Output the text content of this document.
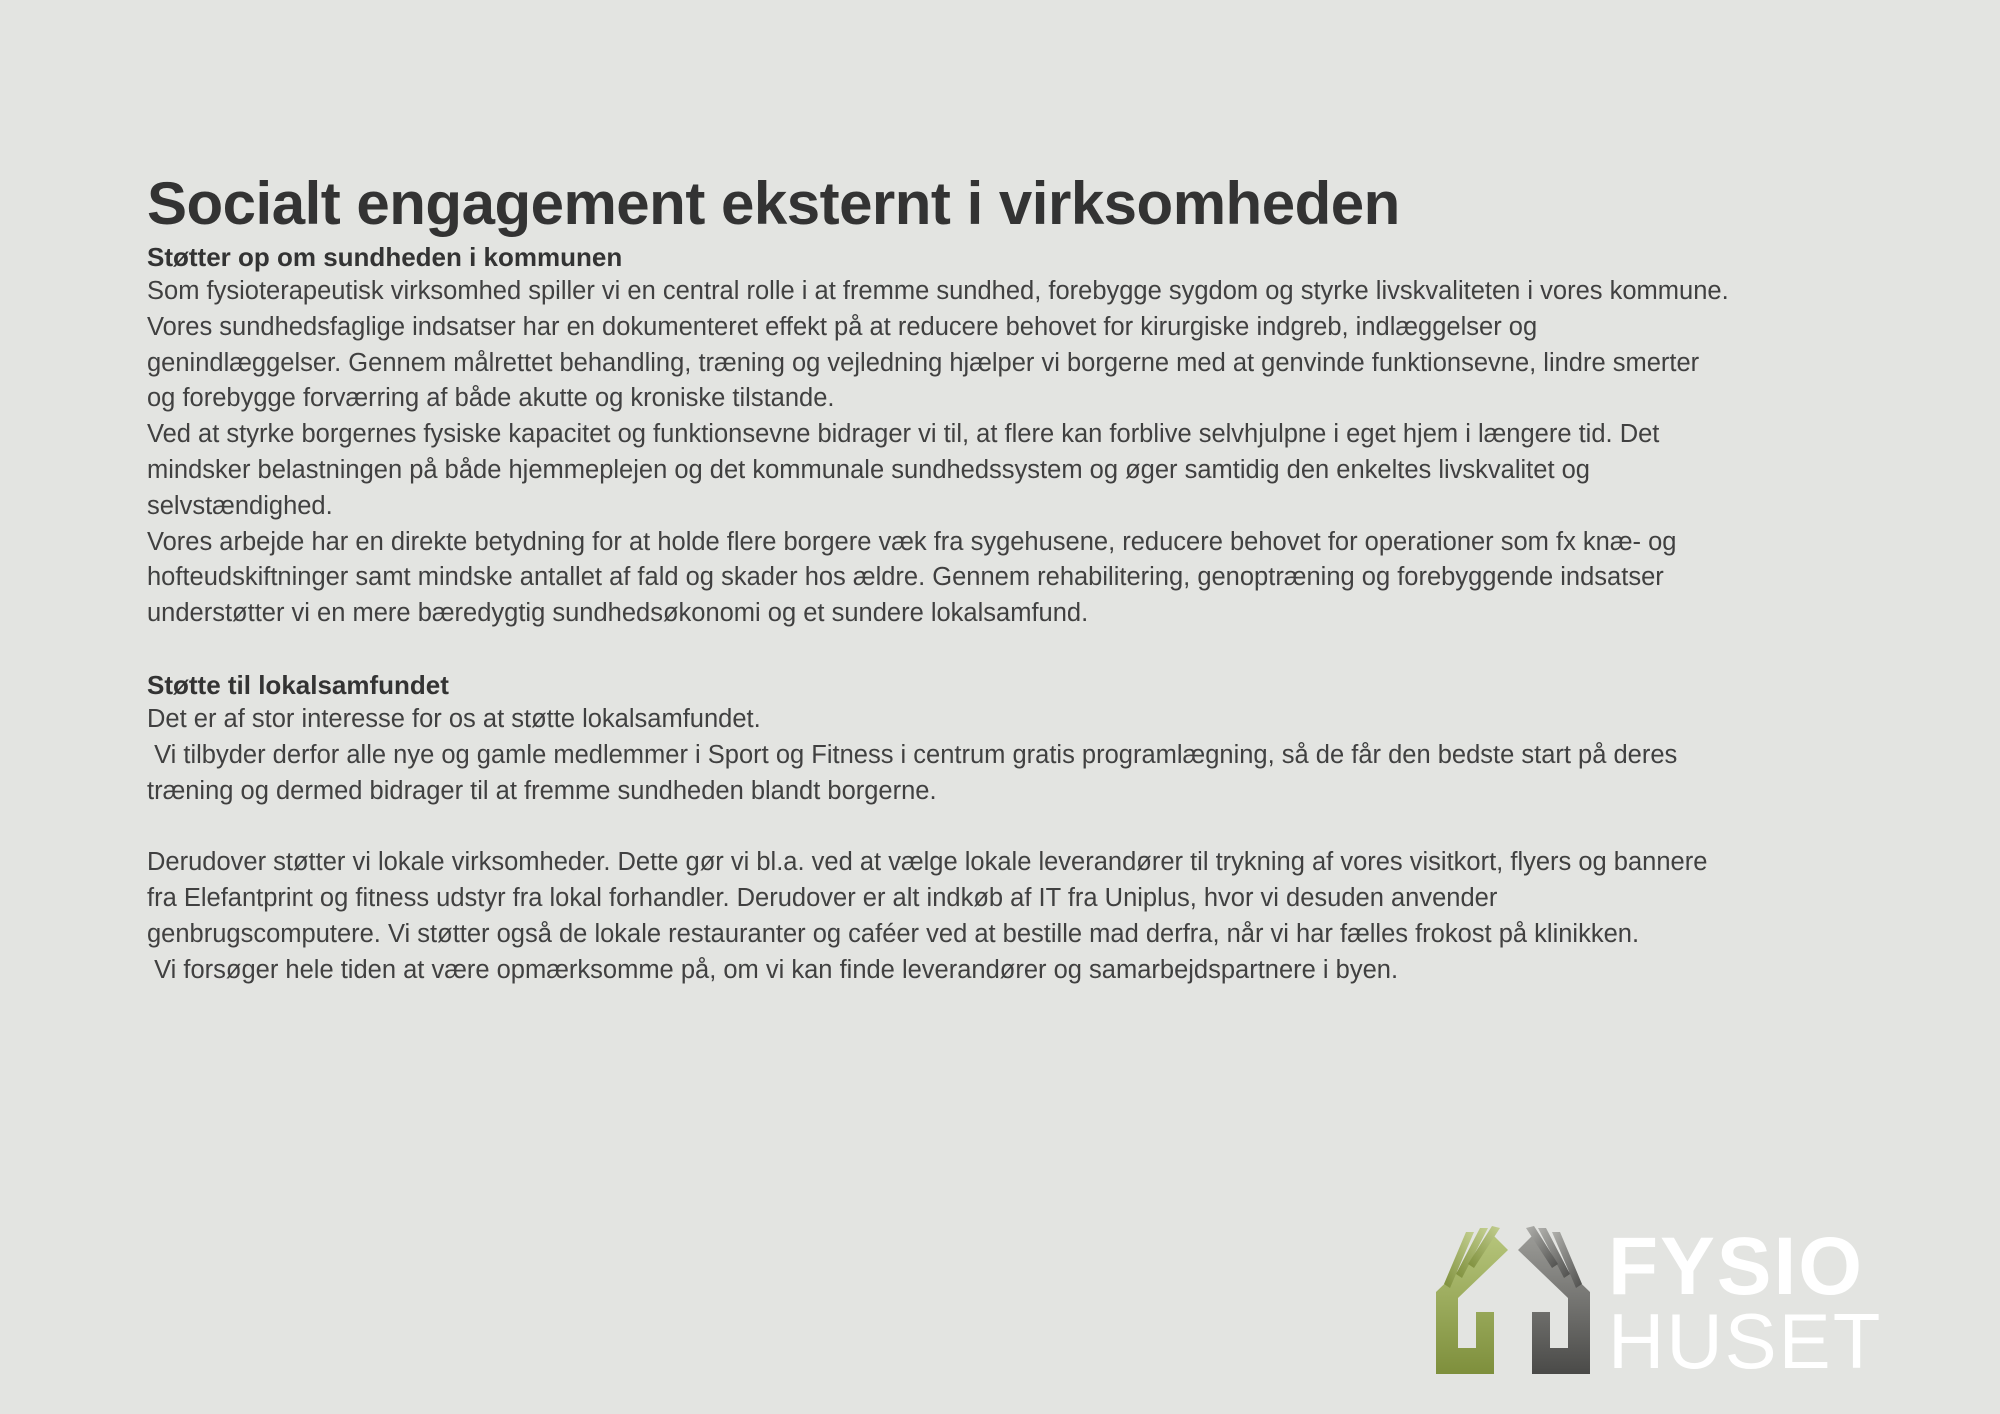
Socialt engagement eksternt i virksomheden
Støtter op om sundheden i kommunen

Som fysioterapeutisk virksomhed spiller vi en central rolle i at fremme sundhed, forebygge sygdom og styrke livskvaliteten i vores kommune.

Vores sundhedsfaglige indsatser har en dokumenteret effekt på at reducere behovet for kirurgiske indgreb, indlæggelser og

genindlæggelser. Gennem målrettet behandling, træning og vejledning hjælper vi borgerne med at genvinde funktionsevne, lindre smerter

og forebygge forværring af både akutte og kroniske tilstande.

Ved at styrke borgernes fysiske kapacitet og funktionsevne bidrager vi til, at flere kan forblive selvhjulpne i eget hjem i længere tid. Det

mindsker belastningen på både hjemmeplejen og det kommunale sundhedssystem og øger samtidig den enkeltes livskvalitet og

selvstændighed.

Vores arbejde har en direkte betydning for at holde flere borgere væk fra sygehusene, reducere behovet for operationer som fx knæ- og

hofteudskiftninger samt mindske antallet af fald og skader hos ældre. Gennem rehabilitering, genoptræning og forebyggende indsatser

understøtter vi en mere bæredygtig sundhedsøkonomi og et sundere lokalsamfund.

Støtte til lokalsamfundet

Det er af stor interesse for os at støtte lokalsamfundet.

Vi tilbyder derfor alle nye og gamle medlemmer i Sport og Fitness i centrum gratis programlægning, så de får den bedste start på deres

træning og dermed bidrager til at fremme sundheden blandt borgerne.

Derudover støtter vi lokale virksomheder. Dette gør vi bl.a. ved at vælge lokale leverandører til trykning af vores visitkort, flyers og bannere

fra Elefantprint og fitness udstyr fra lokal forhandler. Derudover er alt indkøb af IT fra Uniplus, hvor vi desuden anvender

genbrugscomputere. Vi støtter også de lokale restauranter og caféer ved at bestille mad derfra, når vi har fælles frokost på klinikken.

Vi forsøger hele tiden at være opmærksomme på, om vi kan finde leverandører og samarbejdspartnere i byen.

FYSIO
HUSET
